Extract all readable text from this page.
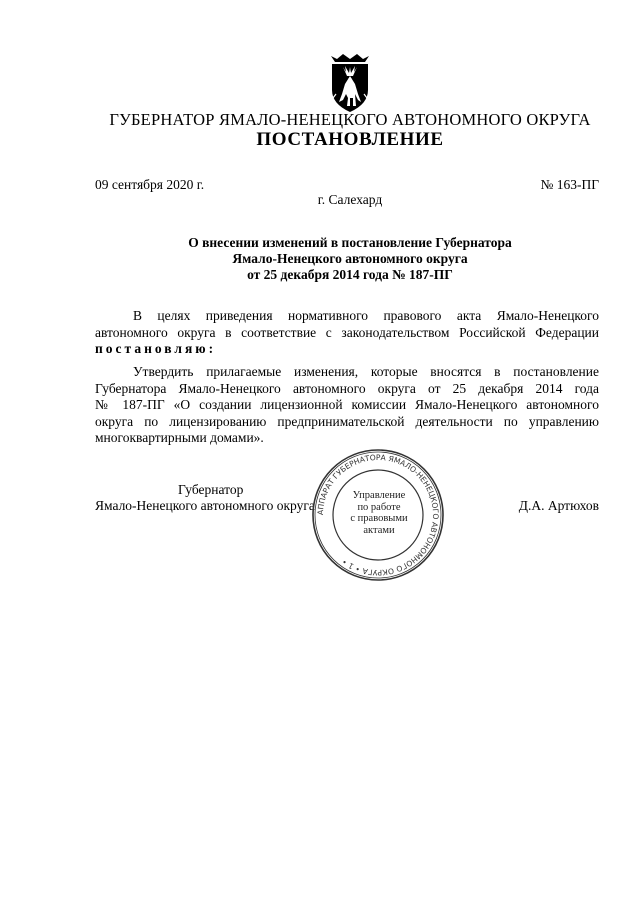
ГУБЕРНАТОР ЯМАЛО-НЕНЕЦКОГО АВТОНОМНОГО ОКРУГА
ПОСТАНОВЛЕНИЕ
09 сентября 2020 г.	№ 163-ПГ
г. Салехард
О внесении изменений в постановление Губернатора
Ямало-Ненецкого автономного округа
от 25 декабря 2014 года № 187-ПГ
В целях приведения нормативного правового акта Ямало-Ненецкого
автономного округа в соответствие с законодательством Российской Федерации
постановляю:
Утвердить прилагаемые изменения, которые вносятся в постановление
Губернатора Ямало-Ненецкого автономного округа от 25 декабря 2014 года
№ 187-ПГ «О создании лицензионной комиссии Ямало-Ненецкого автономного
округа по лицензированию предпринимательской деятельности по управлению
многоквартирными домами».
Губернатор
Ямало-Ненецкого автономного округа	Д.А. Артюхов
АППАРАТ ГУБЕРНАТОРА ЯМАЛО-НЕНЕЦКОГО АВТОНОМНОГО ОКРУГА • 1 •
Управление
по работе
с правовыми
актами
